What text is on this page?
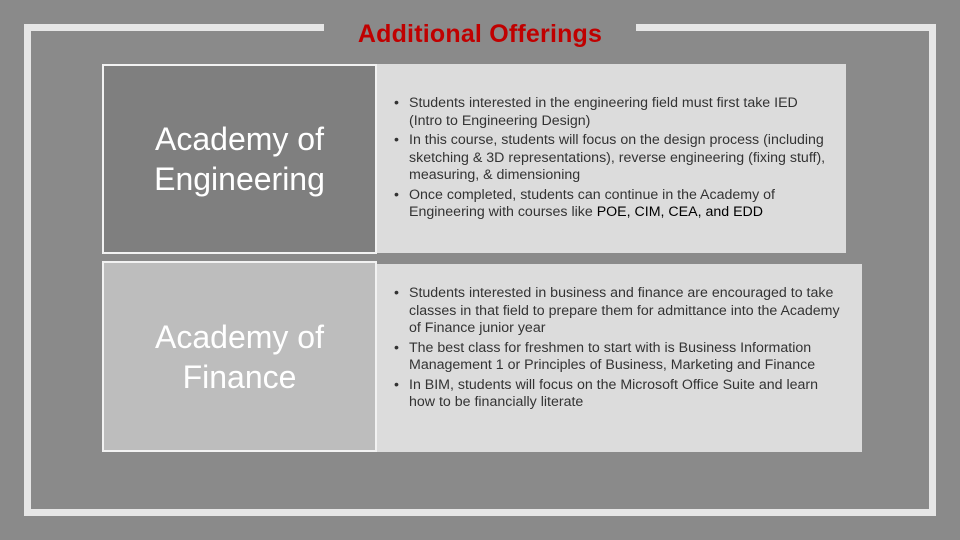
Additional Offerings
Academy of Engineering
• Students interested in the engineering field must first take IED (Intro to Engineering Design)
• In this course, students will focus on the design process (including sketching & 3D representations), reverse engineering (fixing stuff), measuring, & dimensioning
• Once completed, students can continue in the Academy of Engineering with courses like POE, CIM, CEA, and EDD
Academy of Finance
• Students interested in business and finance are encouraged to take classes in that field to prepare them for admittance into the Academy of Finance junior year
• The best class for freshmen to start with is Business Information Management 1 or Principles of Business, Marketing and Finance
• In BIM, students will focus on the Microsoft Office Suite and learn how to be financially literate
